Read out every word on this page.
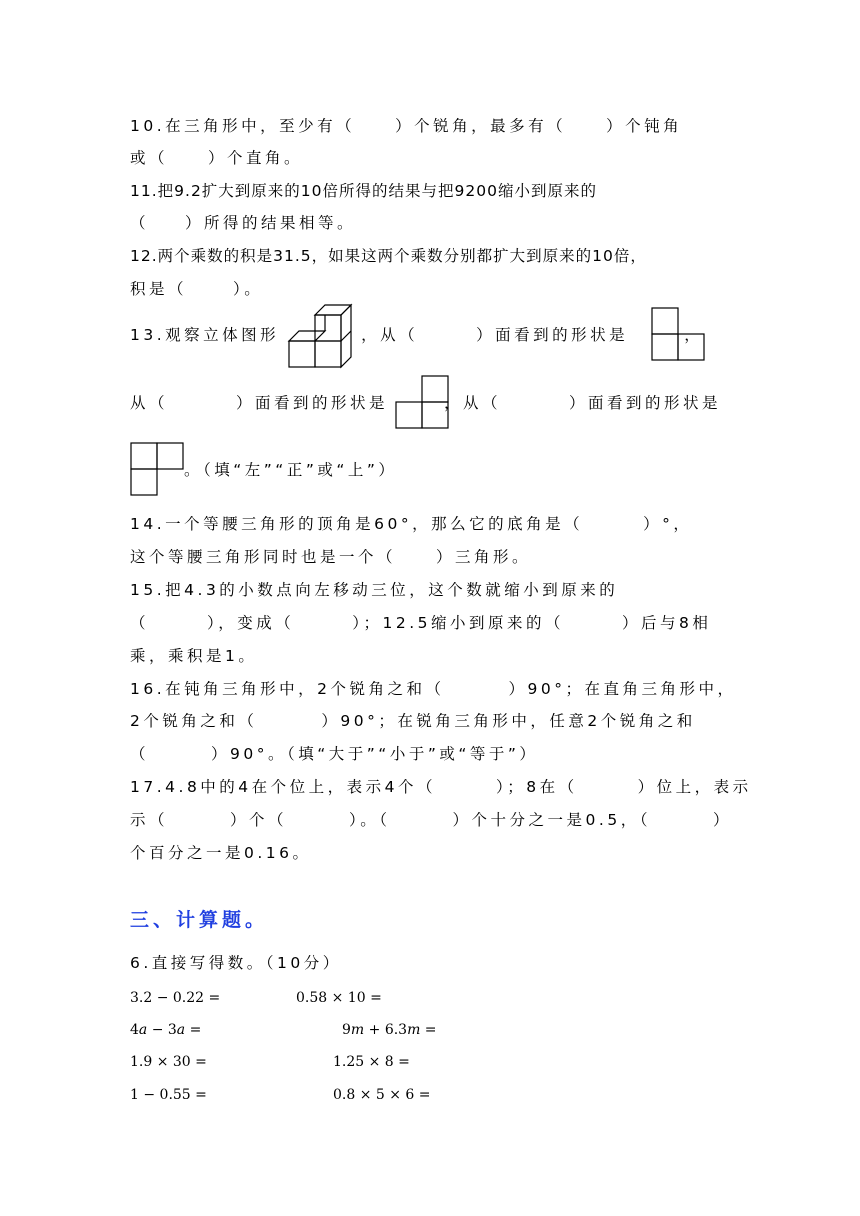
10.在三角形中，至少有（	）个锐角，最多有（	）个钝角
或（	）个直角。
11.把9.2扩大到原来的10倍所得的结果与把9200缩小到原来的
（ ）所得的结果相等。
12.两个乘数的积是31.5，如果这两个乘数分别都扩大到原来的10倍，
积是（	）。
13.观察立体图形	，从（	）面看到的形状是	，
从（	）面看到的形状是	，从（	）面看到的形状是
。（填“左”“正”或“上”）
14.一个等腰三角形的顶角是60°，那么它的底角是（	）°，
这个等腰三角形同时也是一个（	）三角形。
15.把4.3的小数点向左移动三位，这个数就缩小到原来的
（	），变成（	）；12.5缩小到原来的（	）后与8相
乘，乘积是1。
16.在钝角三角形中，2个锐角之和（	）90°；在直角三角形中，
2个锐角之和（	）90°；在锐角三角形中，任意2个锐角之和
（	）90°。（填“大于”“小于”或“等于”）
17.4.8中的4在个位上，表示4个（	）；8在（	）位上，表示
示（	）个（	）。（	）个十分之一是0.5，（	）
个百分之一是0.16。
三、计算题。
6.直接写得数。（10分）
3.2 − 0.22 =	0.58 × 10 =
4𝑎 − 3𝑎 =	9𝑚 + 6.3𝑚 =
1.9 × 30 =	1.25 × 8 =
1 − 0.55 =	0.8 × 5 × 6 =
